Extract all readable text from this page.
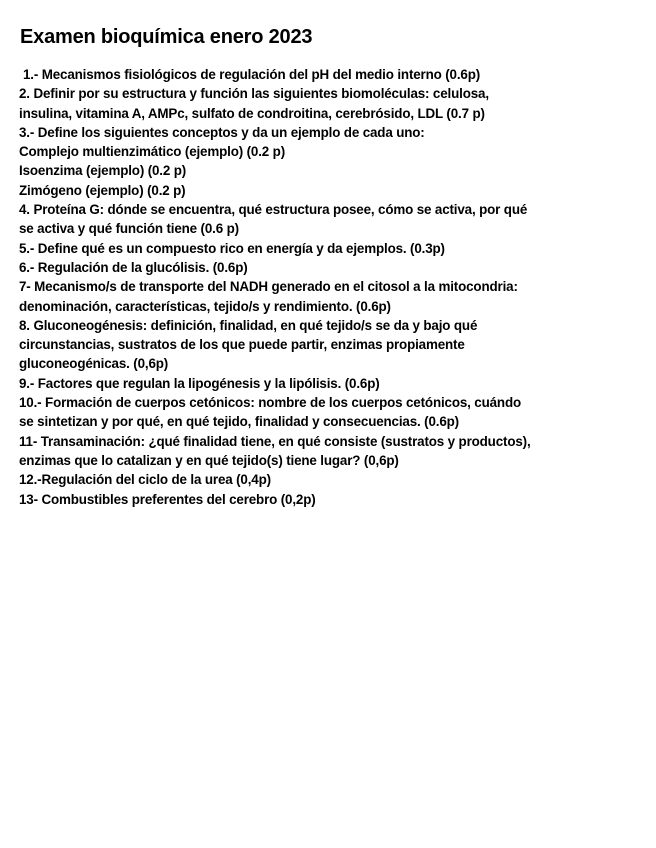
Examen bioquímica enero 2023
1.- Mecanismos fisiológicos de regulación del pH del medio interno (0.6p)
2. Definir por su estructura y función las siguientes biomoléculas: celulosa,
insulina, vitamina A, AMPc, sulfato de condroitina, cerebrósido, LDL (0.7 p)
3.- Define los siguientes conceptos y da un ejemplo de cada uno:
Complejo multienzimático (ejemplo) (0.2 p)
Isoenzima (ejemplo) (0.2 p)
Zimógeno (ejemplo) (0.2 p)
4. Proteína G: dónde se encuentra, qué estructura posee, cómo se activa, por qué
se activa y qué función tiene (0.6 p)
5.- Define qué es un compuesto rico en energía y da ejemplos. (0.3p)
6.- Regulación de la glucólisis. (0.6p)
7- Mecanismo/s de transporte del NADH generado en el citosol a la mitocondria:
denominación, características, tejido/s y rendimiento. (0.6p)
8. Gluconeogénesis: definición, finalidad, en qué tejido/s se da y bajo qué
circunstancias, sustratos de los que puede partir, enzimas propiamente
gluconeogénicas. (0,6p)
9.- Factores que regulan la lipogénesis y la lipólisis. (0.6p)
10.- Formación de cuerpos cetónicos: nombre de los cuerpos cetónicos, cuándo
se sintetizan y por qué, en qué tejido, finalidad y consecuencias. (0.6p)
11- Transaminación: ¿qué finalidad tiene, en qué consiste (sustratos y productos),
enzimas que lo catalizan y en qué tejido(s) tiene lugar? (0,6p)
12.-Regulación del ciclo de la urea (0,4p)
13- Combustibles preferentes del cerebro (0,2p)
